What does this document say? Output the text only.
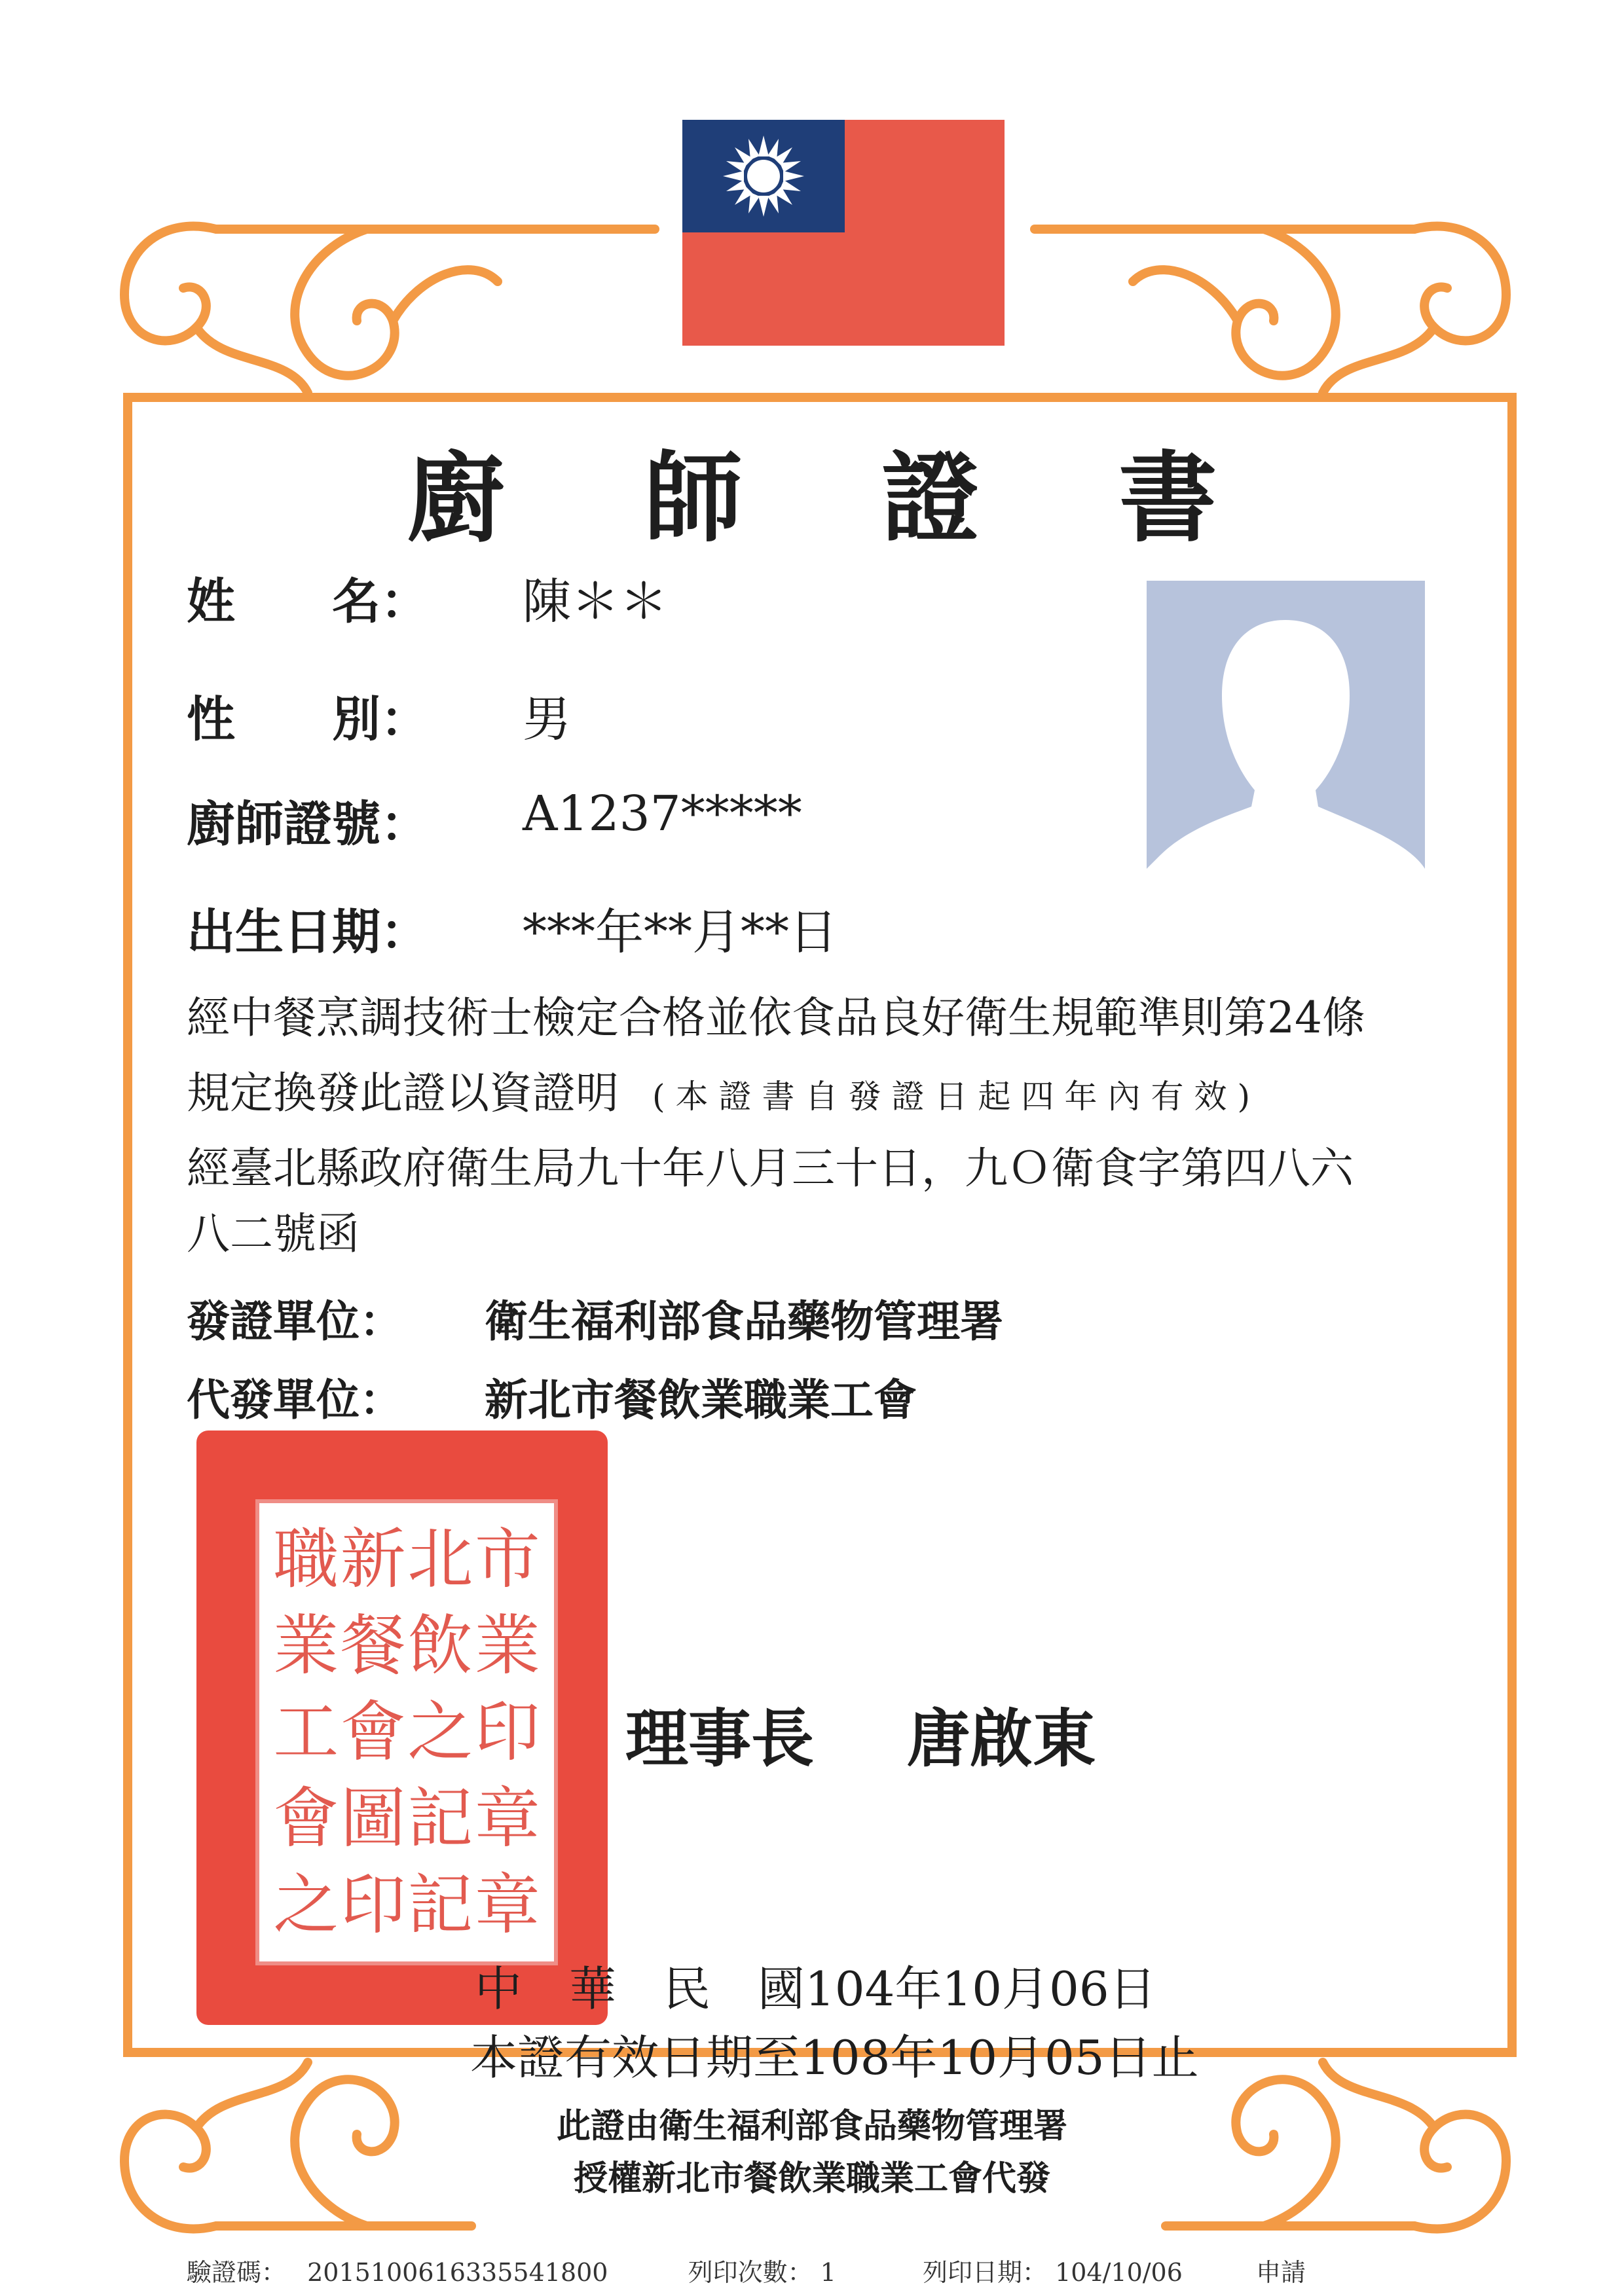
廚 師 證 書
姓　　名： 陳＊＊
性　　別： 男
廚師證號： A1237*****
出生日期： ***年**月**日
經中餐烹調技術士檢定合格並依食品良好衛生規範準則第24條
規定換發此證以資證明 (本證書自發證日起四年內有效)
經臺北縣政府衛生局九十年八月三十日，九Ｏ衛食字第四八六
八二號函
發證單位： 衛生福利部食品藥物管理署
代發單位： 新北市餐飲業職業工會
職 新 北 市
業 餐 飲 業
工 會 之 印
會 圖 記 章
之 印 記 章
理事長 唐啟東
中　華　民　國104年10月06日
本證有效日期至108年10月05日止
此證由衛生福利部食品藥物管理署
授權新北市餐飲業職業工會代發
驗證碼： 2015100616335541800	列印次數： 1	列印日期： 104/10/06	申請
